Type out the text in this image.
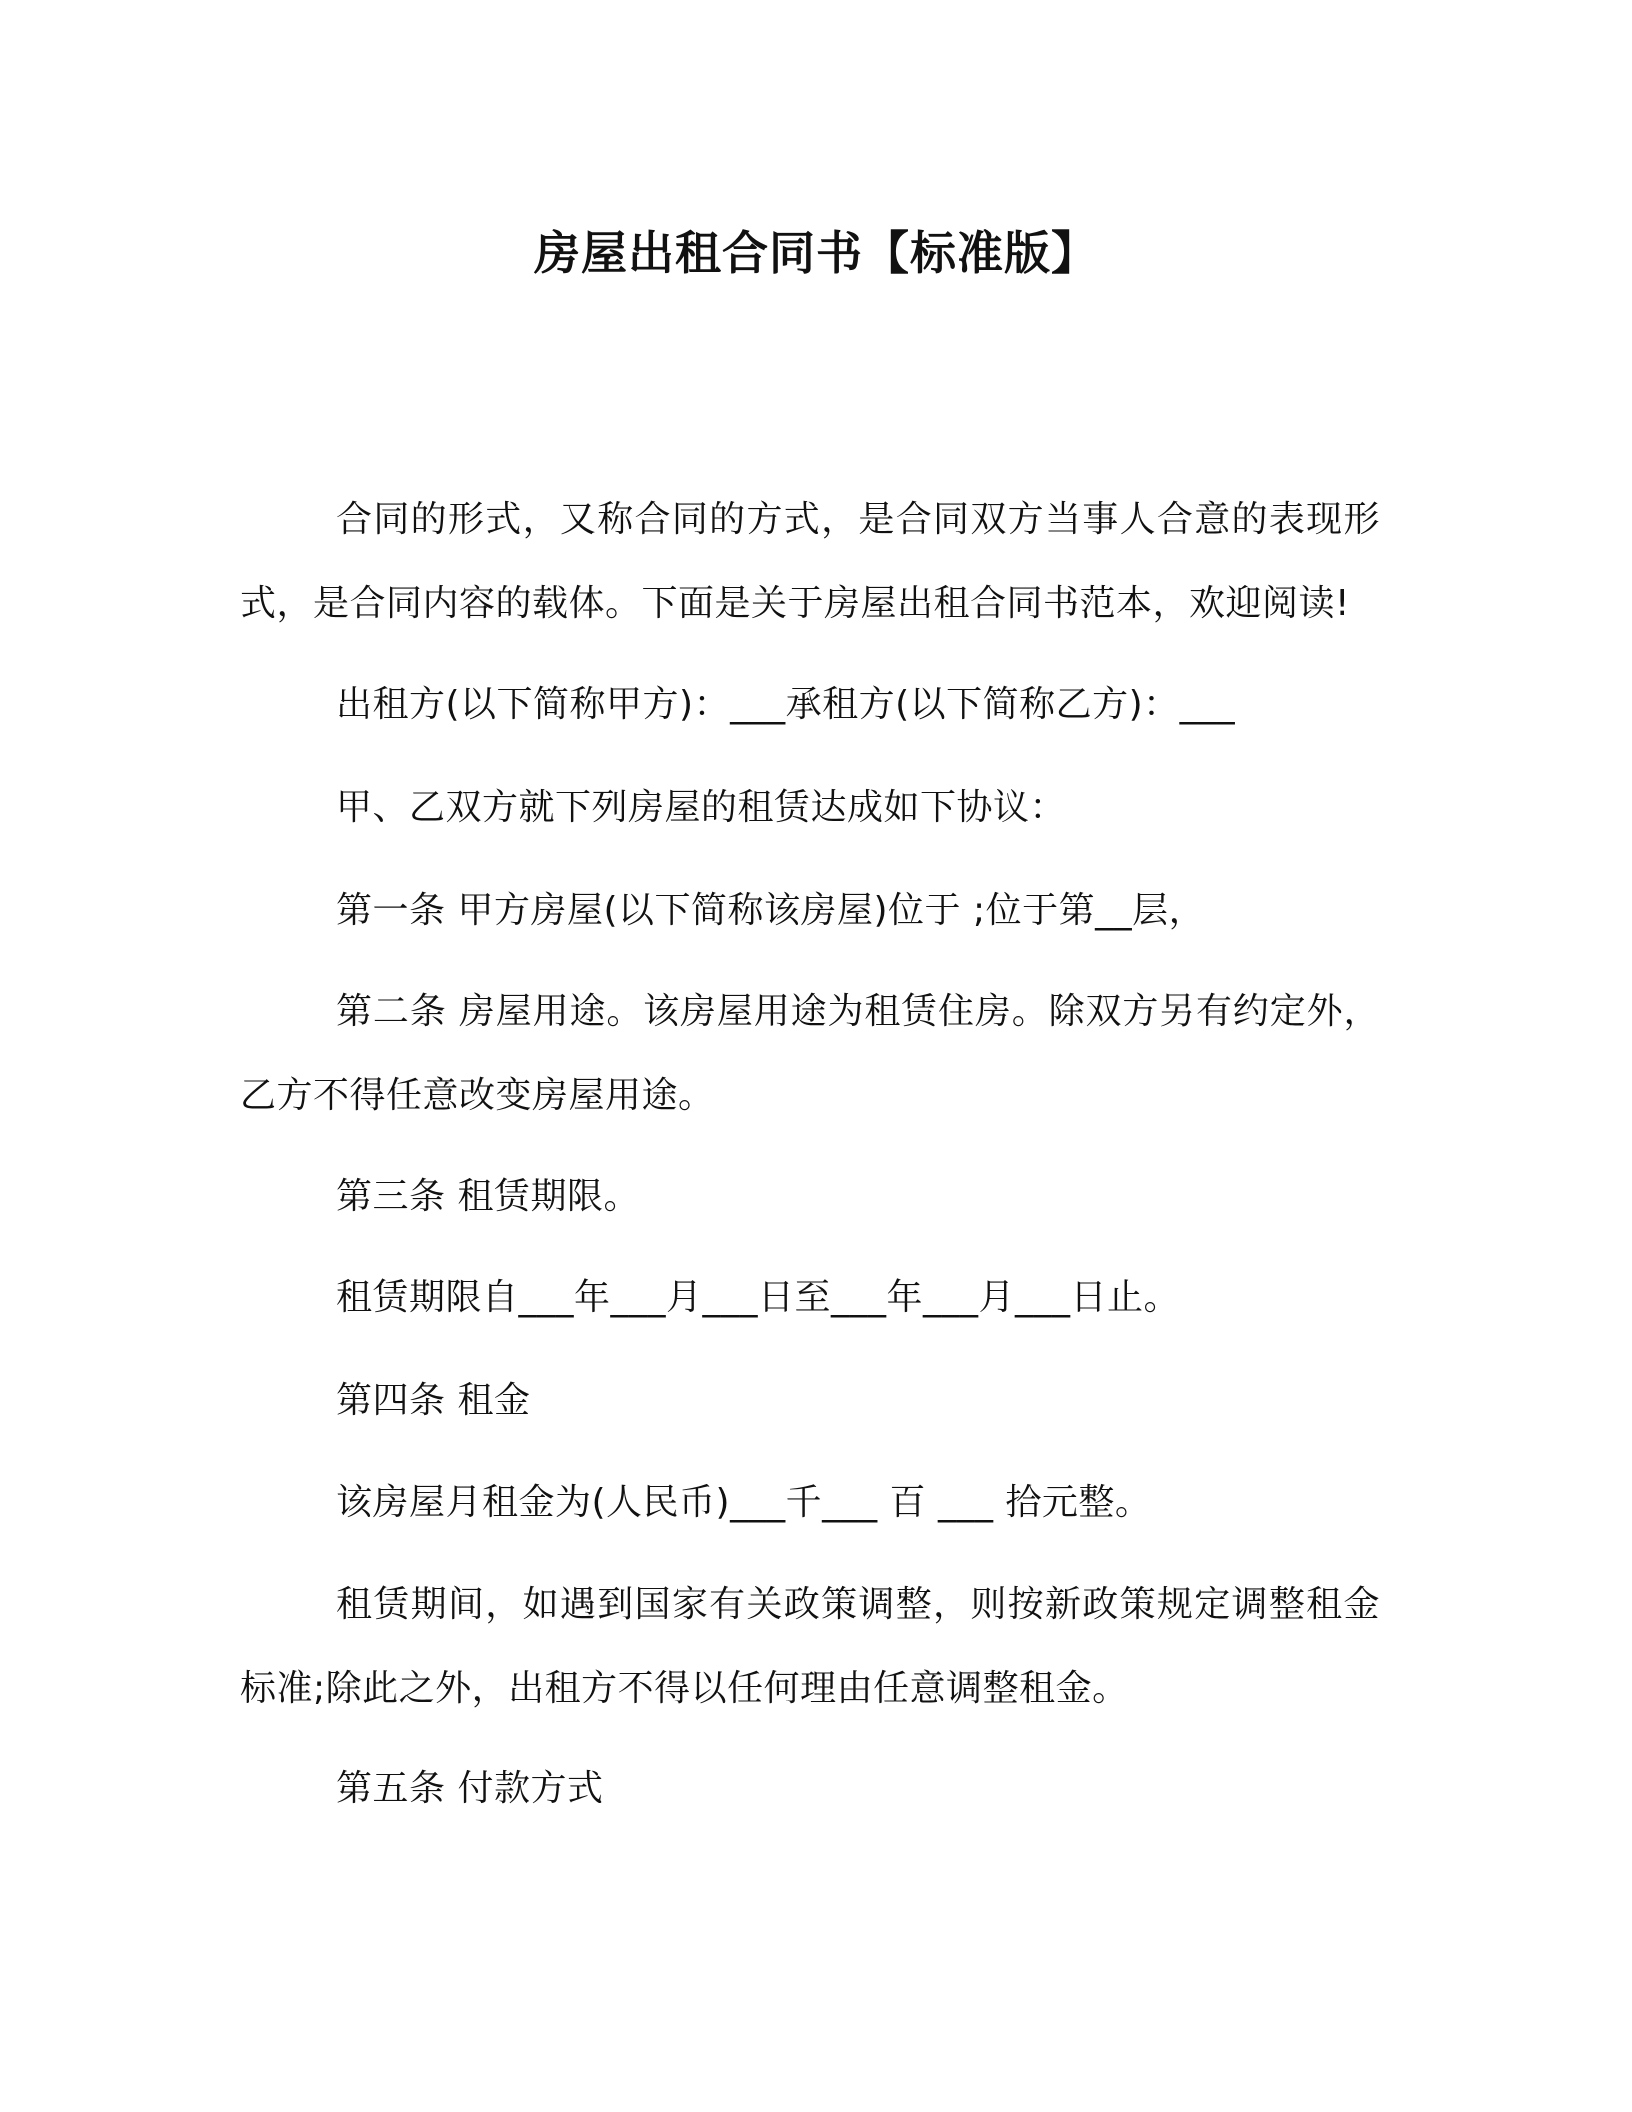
房屋出租合同书【标准版】

合同的形式，又称合同的方式，是合同双方当事人合意的表现形式，是合同内容的载体。下面是关于房屋出租合同书范本，欢迎阅读!

出租方(以下简称甲方)：___承租方(以下简称乙方)：___

甲、乙双方就下列房屋的租赁达成如下协议：

第一条 甲方房屋(以下简称该房屋)位于 ;位于第__层，

第二条 房屋用途。该房屋用途为租赁住房。除双方另有约定外，乙方不得任意改变房屋用途。

第三条 租赁期限。

租赁期限自___年___月___日至___年___月___日止。

第四条 租金

该房屋月租金为(人民币)___千___ 百 ___ 拾元整。

租赁期间，如遇到国家有关政策调整，则按新政策规定调整租金标准;除此之外，出租方不得以任何理由任意调整租金。

第五条 付款方式
